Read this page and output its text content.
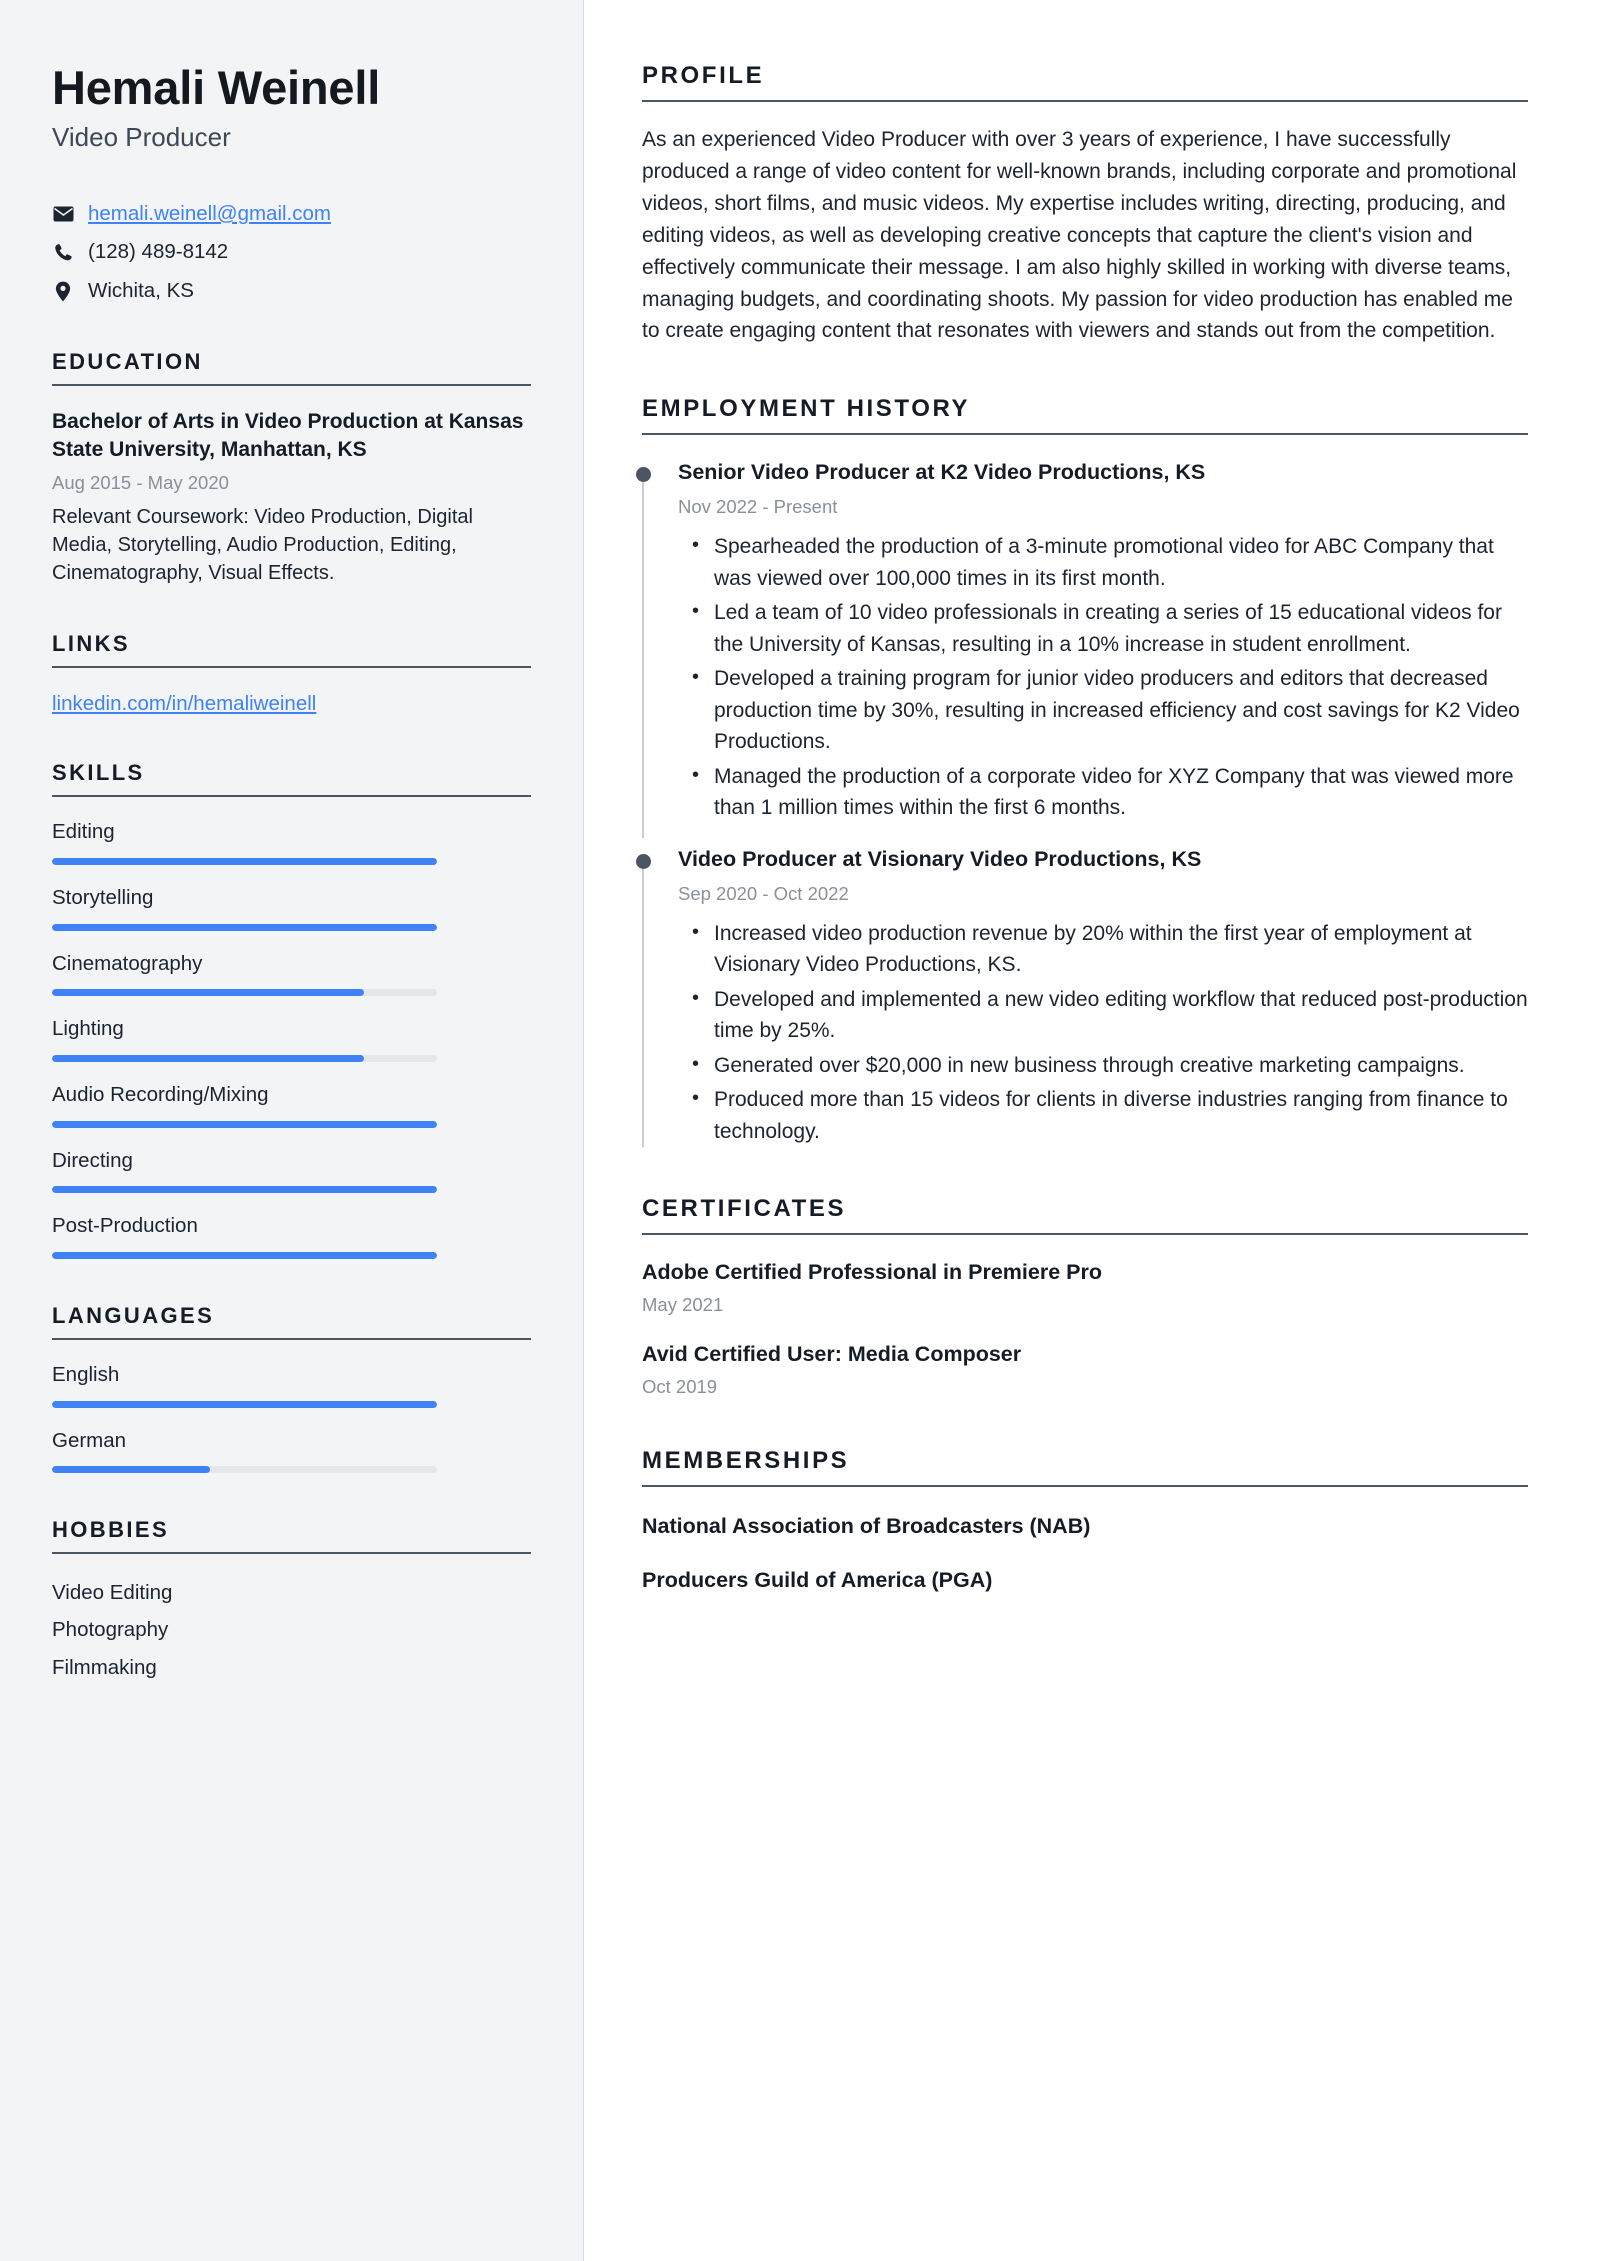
Hemali Weinell
Video Producer
hemali.weinell@gmail.com
(128) 489-8142
Wichita, KS
EDUCATION
Bachelor of Arts in Video Production at Kansas State University, Manhattan, KS
Aug 2015 - May 2020
Relevant Coursework: Video Production, Digital Media, Storytelling, Audio Production, Editing, Cinematography, Visual Effects.
LINKS
linkedin.com/in/hemaliweinell
SKILLS
Editing
Storytelling
Cinematography
Lighting
Audio Recording/Mixing
Directing
Post-Production
LANGUAGES
English
German
HOBBIES
Video Editing
Photography
Filmmaking
PROFILE

As an experienced Video Producer with over 3 years of experience, I have successfully produced a range of video content for well-known brands, including corporate and promotional videos, short films, and music videos. My expertise includes writing, directing, producing, and editing videos, as well as developing creative concepts that capture the client's vision and effectively communicate their message. I am also highly skilled in working with diverse teams, managing budgets, and coordinating shoots. My passion for video production has enabled me to create engaging content that resonates with viewers and stands out from the competition.

EMPLOYMENT HISTORY
Senior Video Producer at K2 Video Productions, KS
Nov 2022 - Present
• Spearheaded the production of a 3-minute promotional video for ABC Company that was viewed over 100,000 times in its first month.
• Led a team of 10 video professionals in creating a series of 15 educational videos for the University of Kansas, resulting in a 10% increase in student enrollment.
• Developed a training program for junior video producers and editors that decreased production time by 30%, resulting in increased efficiency and cost savings for K2 Video Productions.
• Managed the production of a corporate video for XYZ Company that was viewed more than 1 million times within the first 6 months.
Video Producer at Visionary Video Productions, KS
Sep 2020 - Oct 2022
• Increased video production revenue by 20% within the first year of employment at Visionary Video Productions, KS.
• Developed and implemented a new video editing workflow that reduced post-production time by 25%.
• Generated over $20,000 in new business through creative marketing campaigns.
• Produced more than 15 videos for clients in diverse industries ranging from finance to technology.
CERTIFICATES
Adobe Certified Professional in Premiere Pro
May 2021
Avid Certified User: Media Composer
Oct 2019
MEMBERSHIPS
National Association of Broadcasters (NAB)
Producers Guild of America (PGA)
